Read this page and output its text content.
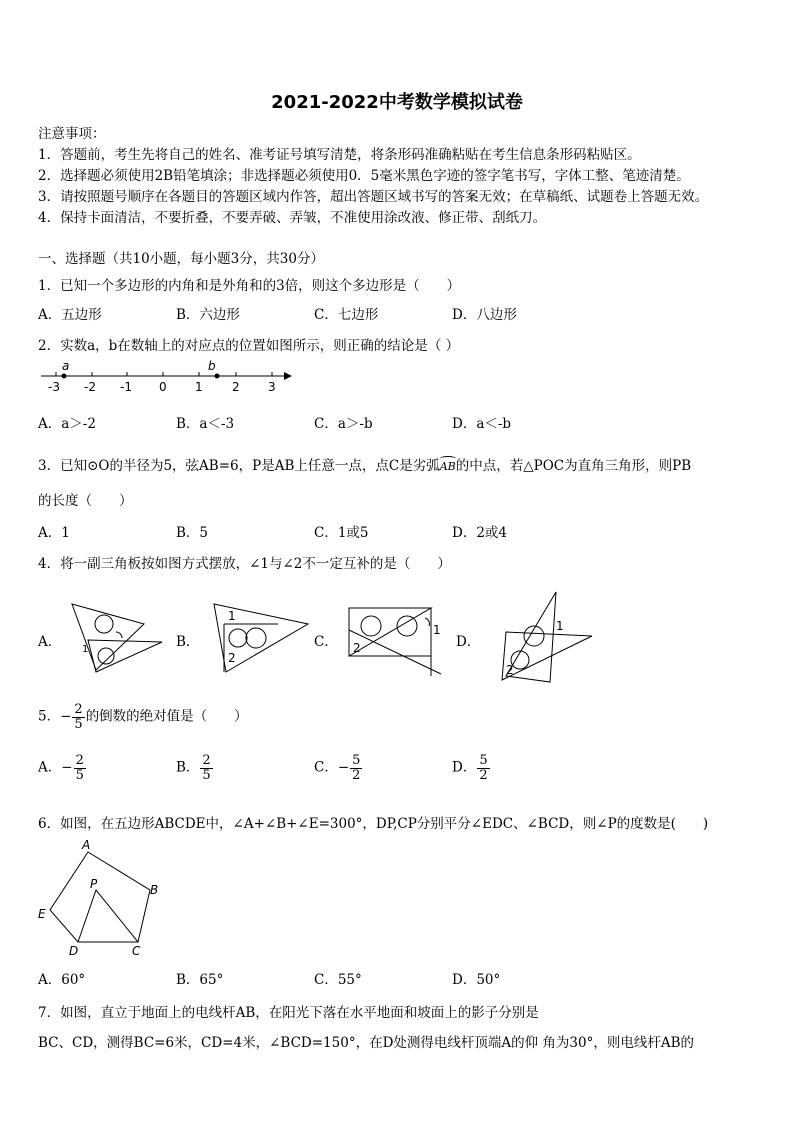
2021-2022中考数学模拟试卷
注意事项：
1．答题前，考生先将自己的姓名、准考证号填写清楚，将条形码准确粘贴在考生信息条形码粘贴区。
2．选择题必须使用2B铅笔填涂；非选择题必须使用0．5毫米黑色字迹的签字笔书写，字体工整、笔迹清楚。
3．请按照题号顺序在各题目的答题区域内作答，超出答题区域书写的答案无效；在草稿纸、试题卷上答题无效。
4．保持卡面清洁，不要折叠，不要弄破、弄皱，不准使用涂改液、修正带、刮纸刀。
一、选择题（共10小题，每小题3分，共30分）
1．已知一个多边形的内角和是外角和的3倍，则这个多边形是（　　）
A．五边形	B．六边形	C．七边形	D．八边形
2．实数a，b在数轴上的对应点的位置如图所示，则正确的结论是（ ）
a	b
-3 -2 -1 0 1 2 3
A．a＞-2	B．a＜-3	C．a＞-b	D．a＜-b
3．已知⊙O的半径为5，弦AB=6，P是AB上任意一点，点C是劣弧
AB的中点，若△POC为直角三角形，则PB
的长度（　　）
A．1	B．5	C．1或5	D．2或4
4．将一副三角板按如图方式摆放，∠1与∠2不一定互补的是（　　）
A．	B．	C．	D．
1
1
2
1
2
1
2
5．− $\frac{2}{5}$ 的倒数的绝对值是（　　）
A．− $\frac{2}{5}$	B． $\frac{2}{5}$	C．− $\frac{5}{2}$	D． $\frac{5}{2}$
6．如图，在五边形ABCDE中，∠A+∠B+∠E=300°，DP,CP分别平分∠EDC、∠BCD，则∠P的度数是(　　)
A
B
C
D
E
P
A．60°	B．65°	C．55°	D．50°
7．如图，直立于地面上的电线杆AB，在阳光下落在水平地面和坡面上的影子分别是
BC、CD，测得BC=6米，CD=4米，∠BCD=150°，在D处测得电线杆顶端A的仰 角为30°，则电线杆AB的
